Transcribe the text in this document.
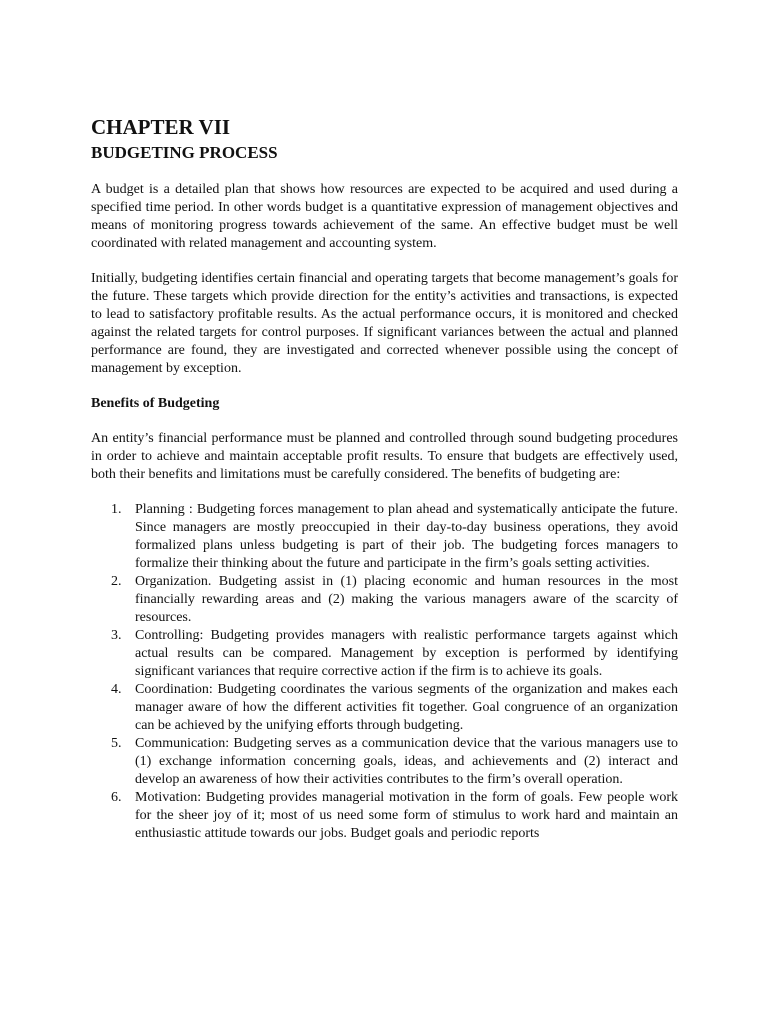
CHAPTER VII
BUDGETING PROCESS

A budget is a detailed plan that shows how resources are expected to be acquired and used during a specified time period. In other words budget is a quantitative expression of management objectives and means of monitoring progress towards achievement of the same. An effective budget must be well coordinated with related management and accounting system.

Initially, budgeting identifies certain financial and operating targets that become management’s goals for the future. These targets which provide direction for the entity’s activities and transactions, is expected to lead to satisfactory profitable results. As the actual performance occurs, it is monitored and checked against the related targets for control purposes. If significant variances between the actual and planned performance are found, they are investigated and corrected whenever possible using the concept of management by exception.

Benefits of Budgeting

An entity’s financial performance must be planned and controlled through sound budgeting procedures in order to achieve and maintain acceptable profit results. To ensure that budgets are effectively used, both their benefits and limitations must be carefully considered. The benefits of budgeting are:

1. Planning : Budgeting forces management to plan ahead and systematically anticipate the future. Since managers are mostly preoccupied in their day-to-day business operations, they avoid formalized plans unless budgeting is part of their job. The budgeting forces managers to formalize their thinking about the future and participate in the firm’s goals setting activities.
2. Organization. Budgeting assist in (1) placing economic and human resources in the most financially rewarding areas and (2) making the various managers aware of the scarcity of resources.
3. Controlling: Budgeting provides managers with realistic performance targets against which actual results can be compared. Management by exception is performed by identifying significant variances that require corrective action if the firm is to achieve its goals.
4. Coordination: Budgeting coordinates the various segments of the organization and makes each manager aware of how the different activities fit together. Goal congruence of an organization can be achieved by the unifying efforts through budgeting.
5. Communication: Budgeting serves as a communication device that the various managers use to (1) exchange information concerning goals, ideas, and achievements and (2) interact and develop an awareness of how their activities contributes to the firm’s overall operation.
6. Motivation: Budgeting provides managerial motivation in the form of goals. Few people work for the sheer joy of it; most of us need some form of stimulus to work hard and maintain an enthusiastic attitude towards our jobs. Budget goals and periodic reports
